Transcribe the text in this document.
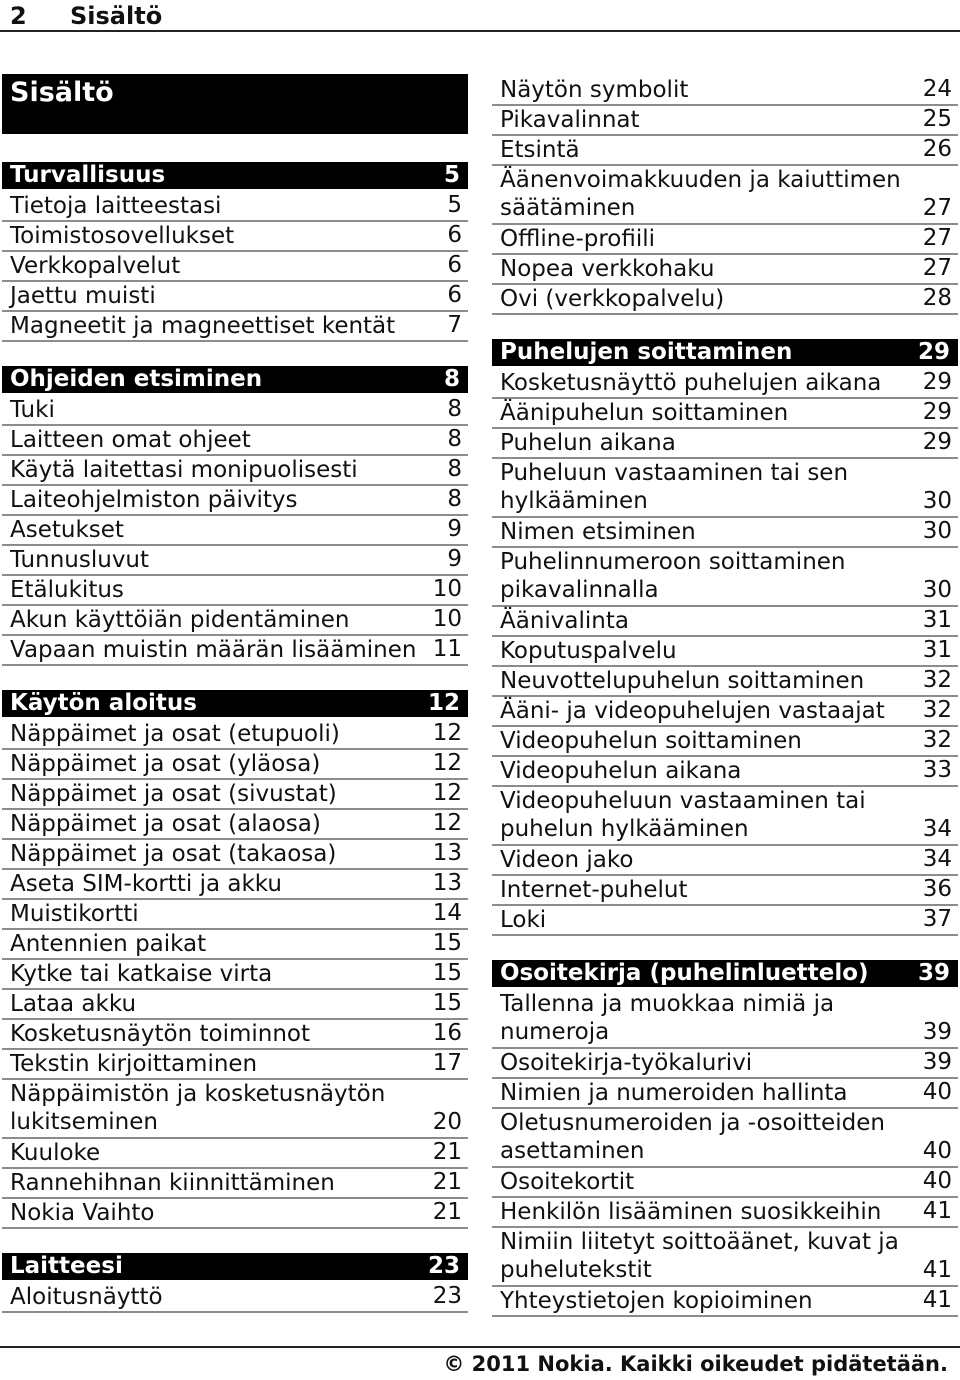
2 Sisältö
Sisältö
Turvallisuus	5
Tietoja laitteestasi	5
Toimistosovellukset	6
Verkkopalvelut	6
Jaettu muisti	6
Magneetit ja magneettiset kentät 7
Ohjeiden etsiminen	8
Tuki	8
Laitteen omat ohjeet	8
Käytä laitettasi monipuolisesti	8
Laiteohjelmiston päivitys	8
Asetukset	9
Tunnusluvut	9
Etälukitus	10
Akun käyttöiän pidentäminen	10
Vapaan muistin määrän lisääminen 11
Käytön aloitus	12
Näppäimet ja osat (etupuoli)	12
Näppäimet ja osat (yläosa)	12
Näppäimet ja osat (sivustat)	12
Näppäimet ja osat (alaosa)	12
Näppäimet ja osat (takaosa)	13
Aseta SIM-kortti ja akku	13
Muistikortti	14
Antennien paikat	15
Kytke tai katkaise virta	15
Lataa akku	15
Kosketusnäytön toiminnot	16
Tekstin kirjoittaminen	17
Näppäimistön ja kosketusnäytön
lukitseminen	20
Kuuloke	21
Rannehihnan kiinnittäminen	21
Nokia Vaihto	21
Laitteesi	23
Aloitusnäyttö	23
Näytön symbolit	24
Pikavalinnat	25
Etsintä	26
Äänenvoimakkuuden ja kaiuttimen
säätäminen	27
Offline-profiili	27
Nopea verkkohaku	27
Ovi (verkkopalvelu)	28
Puhelujen soittaminen	29
Kosketusnäyttö puhelujen aikana 29
Äänipuhelun soittaminen	29
Puhelun aikana	29
Puheluun vastaaminen tai sen
hylkääminen	30
Nimen etsiminen	30
Puhelinnumeroon soittaminen
pikavalinnalla	30
Äänivalinta	31
Koputuspalvelu	31
Neuvottelupuhelun soittaminen	32
Ääni- ja videopuhelujen vastaajat 32
Videopuhelun soittaminen	32
Videopuhelun aikana	33
Videopuheluun vastaaminen tai
puhelun hylkääminen	34
Videon jako	34
Internet-puhelut	36
Loki	37
Osoitekirja (puhelinluettelo) 39
Tallenna ja muokkaa nimiä ja
numeroja	39
Osoitekirja-työkalurivi	39
Nimien ja numeroiden hallinta	40
Oletusnumeroiden ja -osoitteiden
asettaminen	40
Osoitekortit	40
Henkilön lisääminen suosikkeihin 41
Nimiin liitetyt soittoäänet, kuvat ja
puhelutekstit	41
Yhteystietojen kopioiminen	41
© 2011 Nokia. Kaikki oikeudet pidätetään.
